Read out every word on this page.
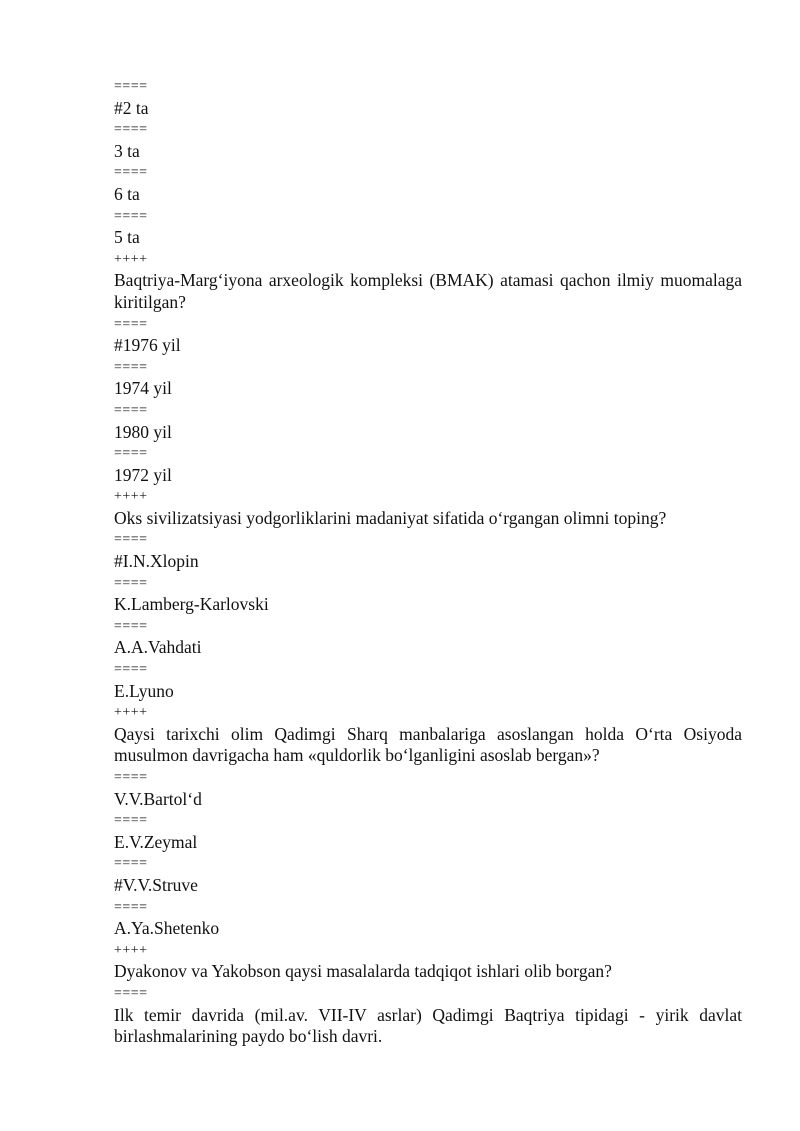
====

#2 ta

====

3 ta

====

6 ta

====

5 ta

++++

Baqtriya-Marg‘iyona arxeologik kompleksi (BMAK) atamasi qachon ilmiy muomalaga kiritilgan?

====

#1976 yil

====

1974 yil

====

1980 yil

====

1972 yil

++++

Oks sivilizatsiyasi yodgorliklarini madaniyat sifatida o‘rgangan olimni toping?

====

#I.N.Xlopin

====

K.Lamberg-Karlovski

====

A.A.Vahdati

====

E.Lyuno

++++

Qaysi tarixchi olim Qadimgi Sharq manbalariga asoslangan holda O‘rta Osiyoda musulmon davrigacha ham «quldorlik bo‘lganligini asoslab bergan»?

====

V.V.Bartol‘d

====

E.V.Zeymal

====

#V.V.Struve

====

A.Ya.Shetenko

++++

Dyakonov va Yakobson qaysi masalalarda tadqiqot ishlari olib borgan?

====

Ilk temir davrida (mil.av. VII-IV asrlar) Qadimgi Baqtriya tipidagi - yirik davlat birlashmalarining paydo bo‘lish davri.
